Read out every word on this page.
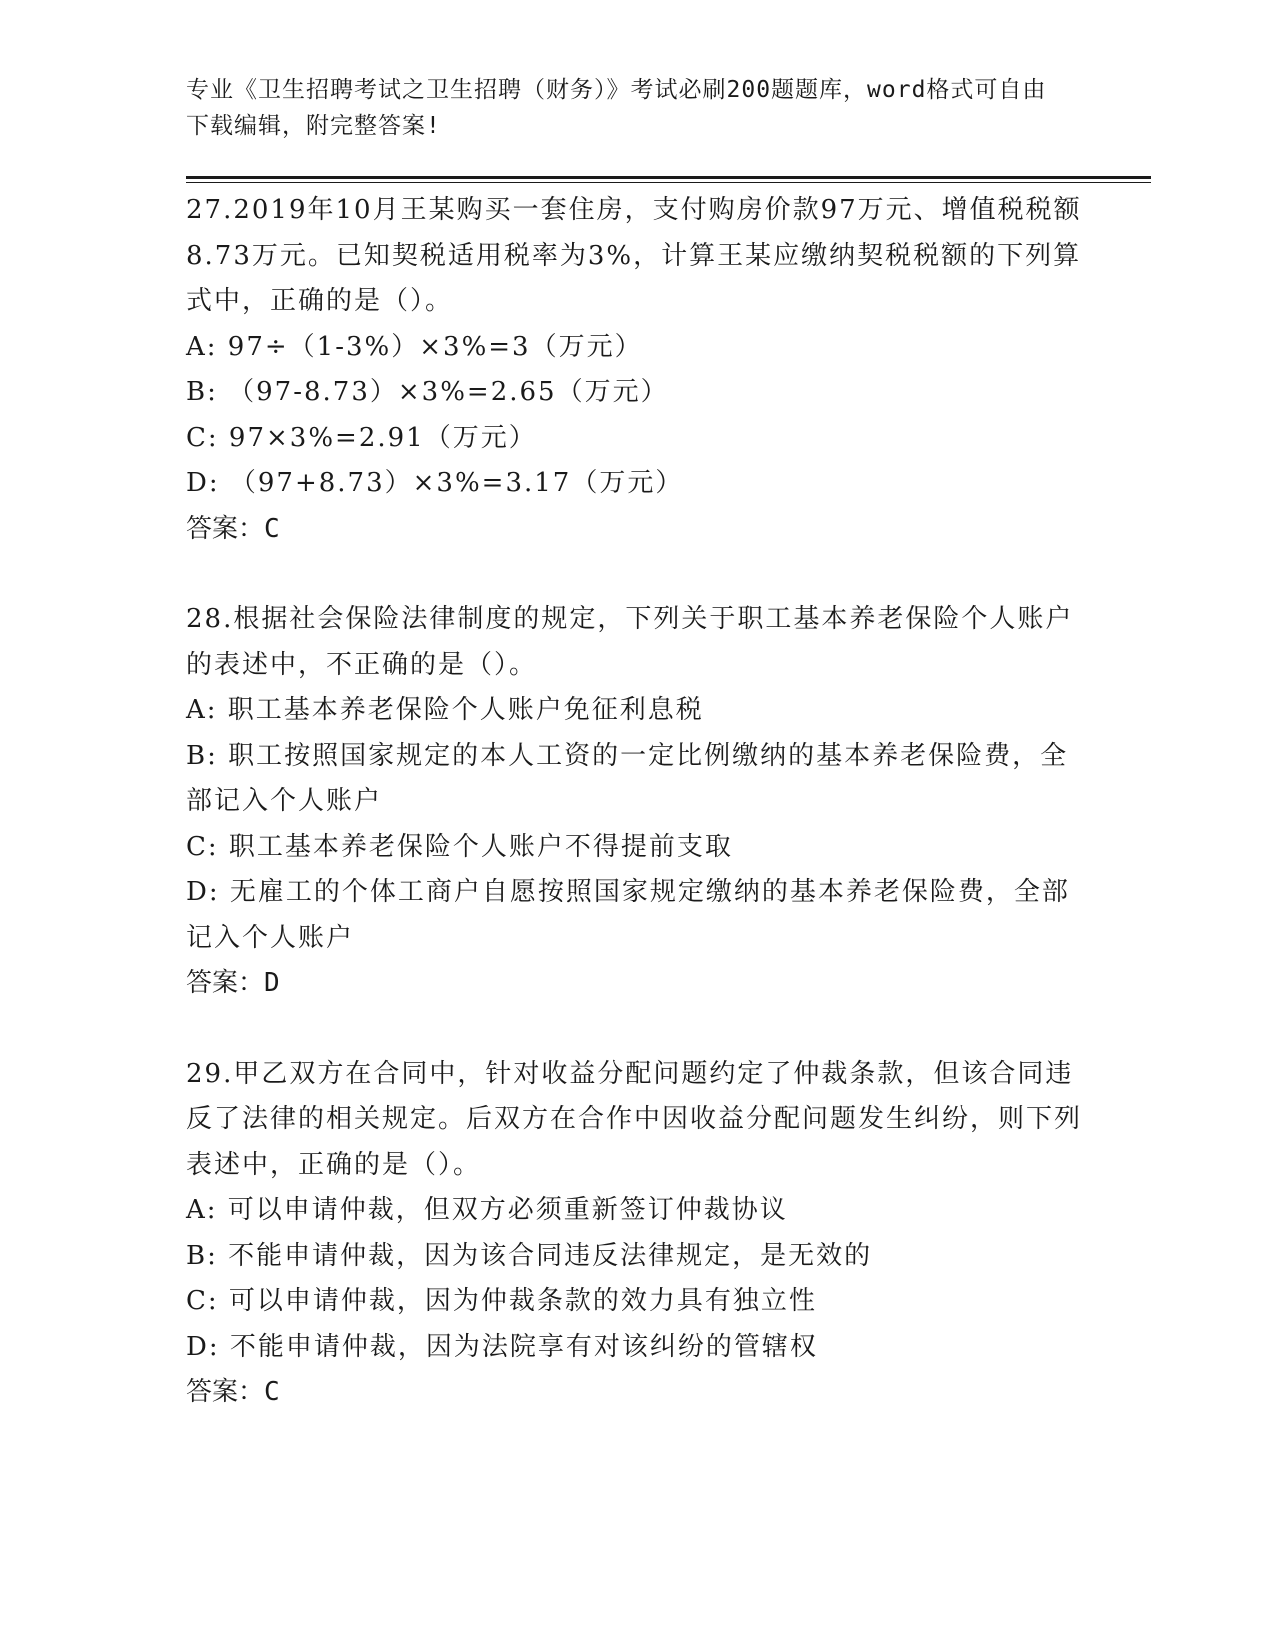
专业《卫生招聘考试之卫生招聘（财务）》考试必刷200题题库，word格式可自由下载编辑，附完整答案!
27.2019年10月王某购买一套住房，支付购房价款97万元、增值税税额8.73万元。已知契税适用税率为3%，计算王某应缴纳契税税额的下列算式中，正确的是（）。
A: 97÷（1-3%）×3%=3（万元）
B: （97-8.73）×3%=2.65（万元）
C: 97×3%=2.91（万元）
D: （97+8.73）×3%=3.17（万元）
答案：C
28.根据社会保险法律制度的规定，下列关于职工基本养老保险个人账户的表述中，不正确的是（）。
A: 职工基本养老保险个人账户免征利息税
B: 职工按照国家规定的本人工资的一定比例缴纳的基本养老保险费，全部记入个人账户
C: 职工基本养老保险个人账户不得提前支取
D: 无雇工的个体工商户自愿按照国家规定缴纳的基本养老保险费，全部记入个人账户
答案：D
29.甲乙双方在合同中，针对收益分配问题约定了仲裁条款，但该合同违反了法律的相关规定。后双方在合作中因收益分配问题发生纠纷，则下列表述中，正确的是（）。
A: 可以申请仲裁，但双方必须重新签订仲裁协议
B: 不能申请仲裁，因为该合同违反法律规定，是无效的
C: 可以申请仲裁，因为仲裁条款的效力具有独立性
D: 不能申请仲裁，因为法院享有对该纠纷的管辖权
答案：C
